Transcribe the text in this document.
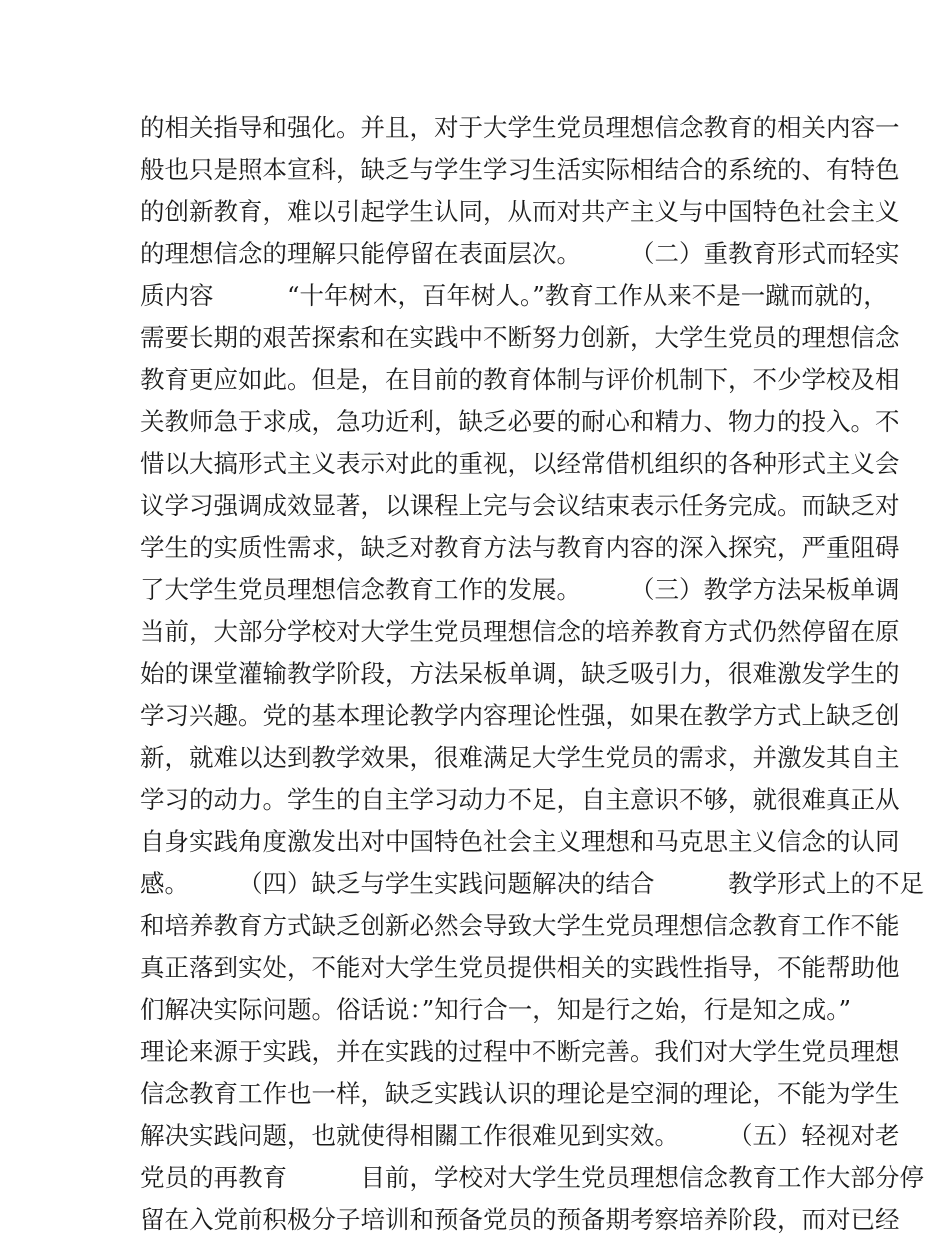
的相关指导和强化。并且，对于大学生党员理想信念教育的相关内容一
般也只是照本宣科，缺乏与学生学习生活实际相结合的系统的、有特色
的创新教育，难以引起学生认同，从而对共产主义与中国特色社会主义
的理想信念的理解只能停留在表面层次。　　　（二）重教育形式而轻实
质内容　　　“十年树木，百年树人。”教育工作从来不是一蹴而就的，
需要长期的艰苦探索和在实践中不断努力创新，大学生党员的理想信念
教育更应如此。但是，在目前的教育体制与评价机制下，不少学校及相
关教师急于求成，急功近利，缺乏必要的耐心和精力、物力的投入。不
惜以大搞形式主义表示对此的重视，以经常借机组织的各种形式主义会
议学习强调成效显著，以课程上完与会议结束表示任务完成。而缺乏对
学生的实质性需求，缺乏对教育方法与教育内容的深入探究，严重阻碍
了大学生党员理想信念教育工作的发展。　　　（三）教学方法呆板单调
当前，大部分学校对大学生党员理想信念的培养教育方式仍然停留在原
始的课堂灌输教学阶段，方法呆板单调，缺乏吸引力，很难激发学生的
学习兴趣。党的基本理论教学内容理论性强，如果在教学方式上缺乏创
新，就难以达到教学效果，很难满足大学生党员的需求，并激发其自主
学习的动力。学生的自主学习动力不足，自主意识不够，就很难真正从
自身实践角度激发出对中国特色社会主义理想和马克思主义信念的认同
感。　　　（四）缺乏与学生实践问题解决的结合　　　教学形式上的不足
和培养教育方式缺乏创新必然会导致大学生党员理想信念教育工作不能
真正落到实处，不能对大学生党员提供相关的实践性指导，不能帮助他
们解决实际问题。俗话说：”知行合一，知是行之始，行是知之成。”
理论来源于实践，并在实践的过程中不断完善。我们对大学生党员理想
信念教育工作也一样，缺乏实践认识的理论是空洞的理论，不能为学生
解决实践问题，也就使得相關工作很难见到实效。　　　（五）轻视对老
党员的再教育　　　目前，学校对大学生党员理想信念教育工作大部分停
留在入党前积极分子培训和预备党员的预备期考察培养阶段，而对已经
